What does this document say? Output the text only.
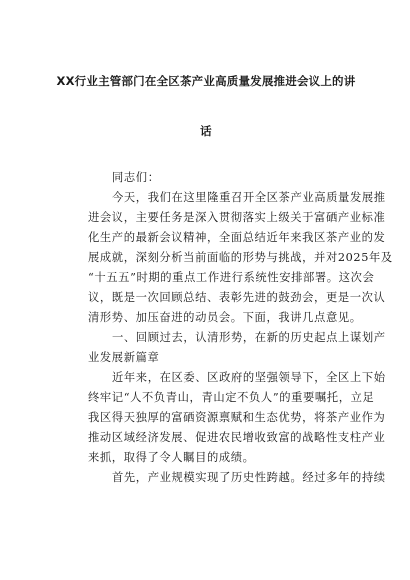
XX行业主管部门在全区茶产业高质量发展推进会议上的讲
话
同志们：
今天，我们在这里隆重召开全区茶产业高质量发展推
进会议，主要任务是深入贯彻落实上级关于富硒产业标准
化生产的最新会议精神，全面总结近年来我区茶产业的发
展成就，深刻分析当前面临的形势与挑战，并对2025年及
“十五五”时期的重点工作进行系统性安排部署。这次会
议，既是一次回顾总结、表彰先进的鼓劲会，更是一次认
清形势、加压奋进的动员会。下面，我讲几点意见。
一、回顾过去，认清形势，在新的历史起点上谋划产
业发展新篇章
近年来，在区委、区政府的坚强领导下，全区上下始
终牢记“人不负青山，青山定不负人”的重要嘱托，立足
我区得天独厚的富硒资源禀赋和生态优势，将茶产业作为
推动区域经济发展、促进农民增收致富的战略性支柱产业
来抓，取得了令人瞩目的成绩。
首先，产业规模实现了历史性跨越。经过多年的持续
